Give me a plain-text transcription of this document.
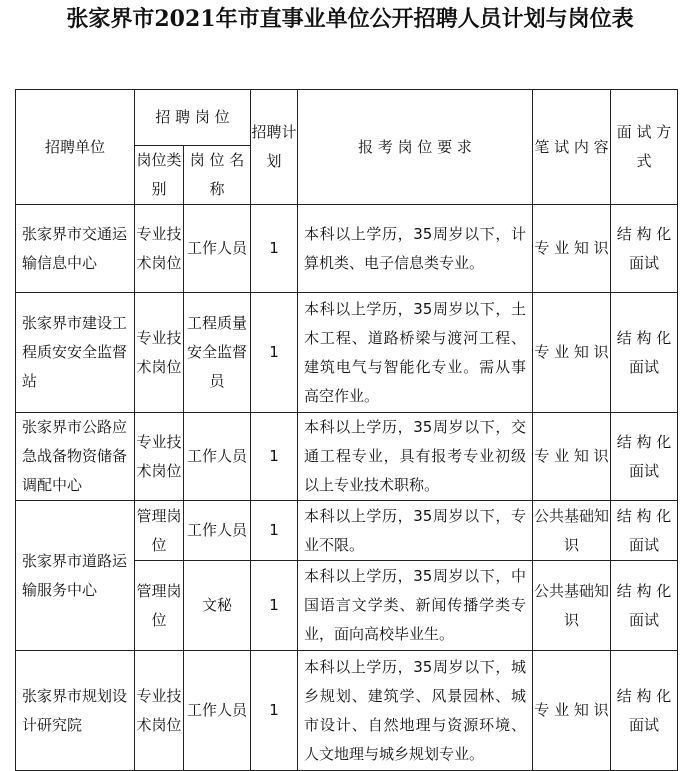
张家界市2021年市直事业单位公开招聘人员计划与岗位表
招聘单位	招 聘 岗 位		招聘计划	报 考 岗 位 要 求	笔 试 内 容	面 试 方 式
	岗位类别	岗 位 名 称				
张家界市交通运输信息中心	专业技术岗位	工作人员	1	本科以上学历，35周岁以下，计算机类、电子信息类专业。	专 业 知 识	结 构 化面试
张家界市建设工程质安安全监督站	专业技术岗位	工程质量安全监督员	1	本科以上学历，35周岁以下，土木工程、道路桥梁与渡河工程、建筑电气与智能化专业。需从事高空作业。	专 业 知 识	结 构 化面试
张家界市公路应急战备物资储备调配中心	专业技术岗位	工作人员	1	本科以上学历，35周岁以下，交通工程专业，具有报考专业初级以上专业技术职称。	专 业 知 识	结 构 化面试
张家界市道路运输服务中心	管理岗位	工作人员	1	本科以上学历，35周岁以下，专业不限。	公共基础知识	结 构 化面试
	管理岗位	文秘	1	本科以上学历，35周岁以下，中国语言文学类、新闻传播学类专业，面向高校毕业生。	公共基础知识	结 构 化面试
张家界市规划设计研究院	专业技术岗位	工作人员	1	本科以上学历，35周岁以下，城乡规划、建筑学、风景园林、城市设计、自然地理与资源环境、人文地理与城乡规划专业。	专 业 知 识	结 构 化面试
